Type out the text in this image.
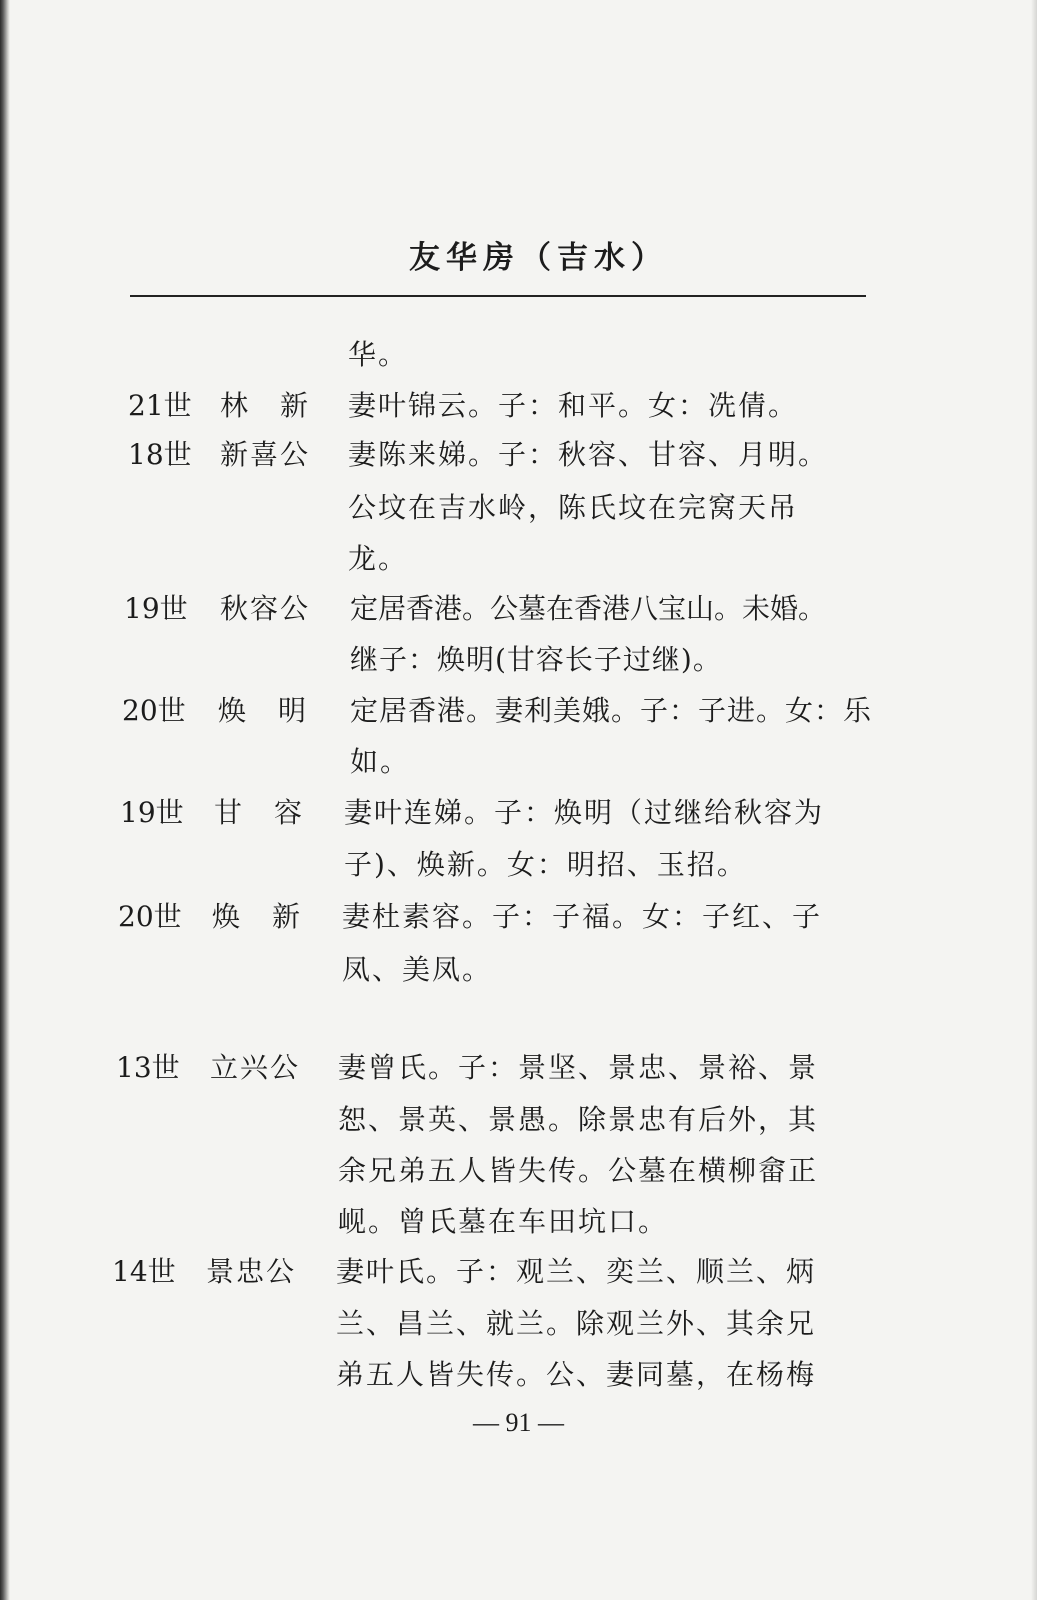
友华房（吉水）
华。
21世 林　新 妻叶锦云。子：和平。女：冼倩。
18世 新喜公 妻陈来娣。子：秋容、甘容、月明。
公坟在吉水岭，陈氏坟在完窝天吊
龙。
19世 秋容公 定居香港。公墓在香港八宝山。未婚。
继子：焕明(甘容长子过继)。
20世 焕　明 定居香港。妻利美娥。子：子进。女：乐
如。
19世 甘　容 妻叶连娣。子：焕明（过继给秋容为
子)、焕新。女：明招、玉招。
20世 焕　新 妻杜素容。子：子福。女：子红、子
凤、美凤。
13世 立兴公 妻曾氏。子：景坚、景忠、景裕、景
恕、景英、景愚。除景忠有后外，其
余兄弟五人皆失传。公墓在横柳畲正
岘。曾氏墓在车田坑口。
14世 景忠公 妻叶氏。子：观兰、奕兰、顺兰、炳
兰、昌兰、就兰。除观兰外、其余兄
弟五人皆失传。公、妻同墓，在杨梅
— 91 —
